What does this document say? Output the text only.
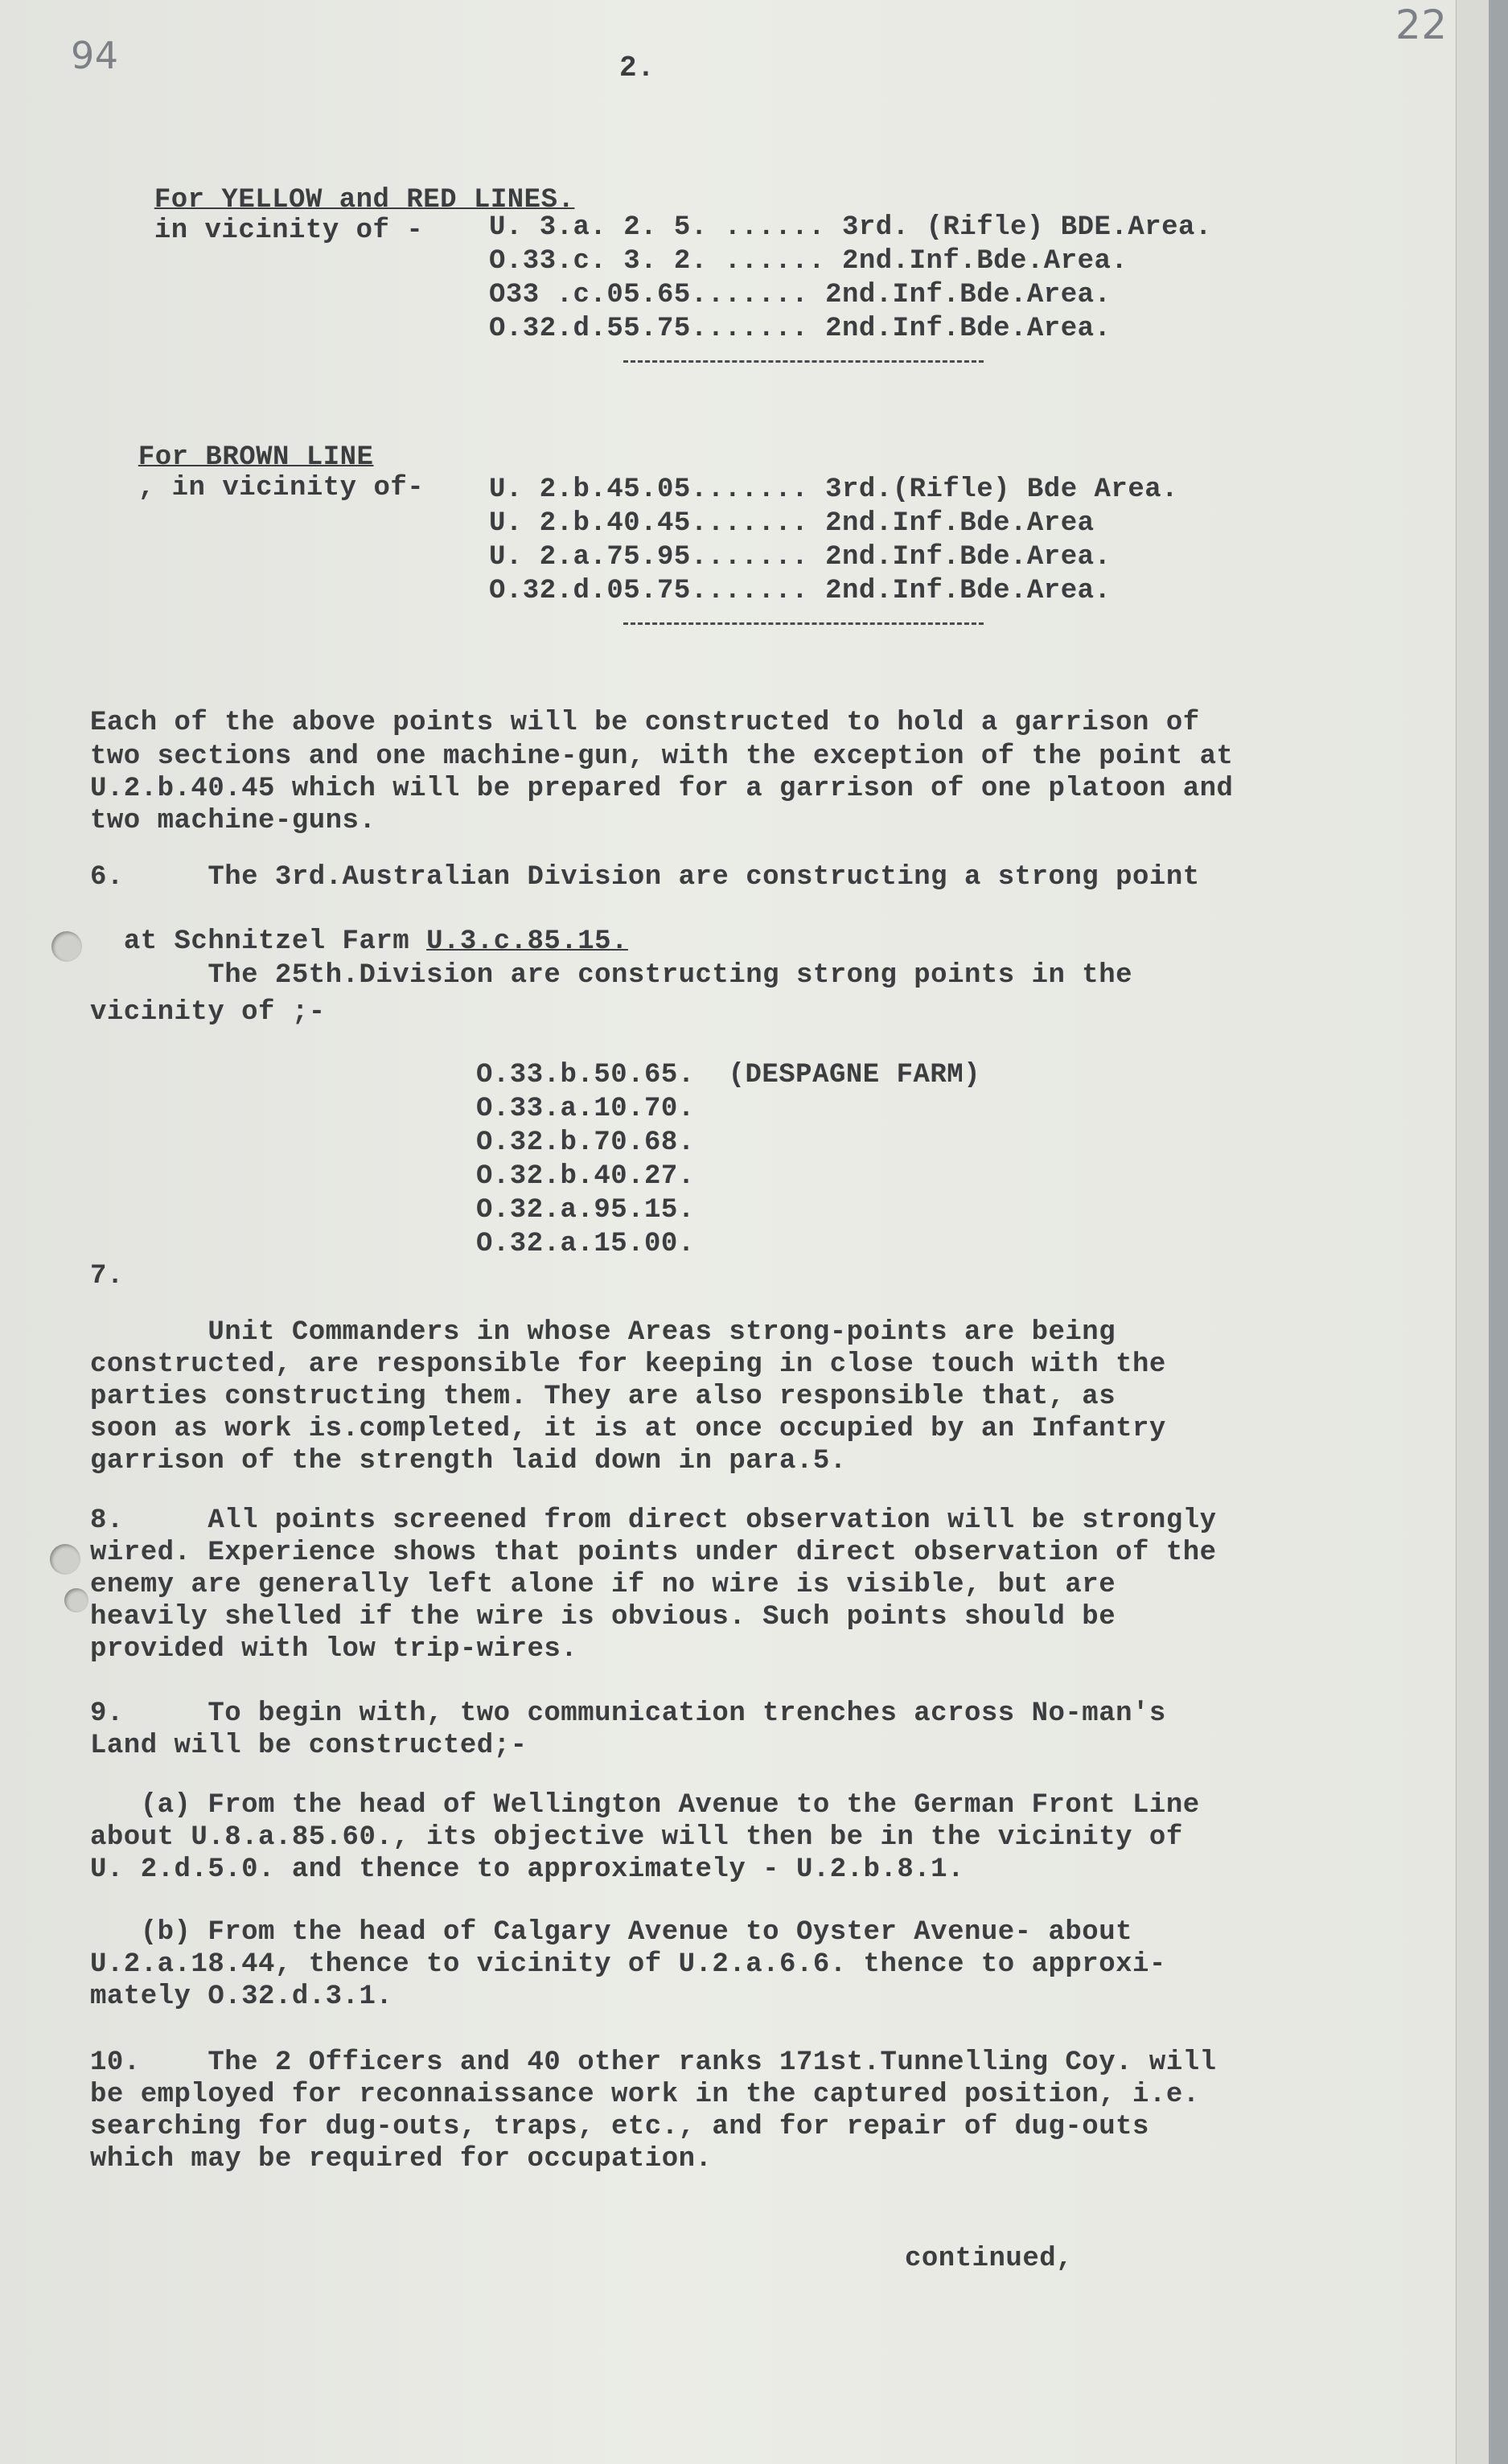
94
22
2.

For YELLOW and RED LINES.
in vicinity of -	U. 3.a. 2. 5. ...... 3rd. (Rifle) BDE.Area.
O.33.c. 3. 2. ...... 2nd.Inf.Bde.Area.
O33 .c.05.65....... 2nd.Inf.Bde.Area.
O.32.d.55.75....... 2nd.Inf.Bde.Area.

For BROWN LINE
, in vicinity of- U. 2.b.45.05....... 3rd.(Rifle) Bde Area.
U. 2.b.40.45....... 2nd.Inf.Bde.Area
U. 2.a.75.95....... 2nd.Inf.Bde.Area.
O.32.d.05.75....... 2nd.Inf.Bde.Area.
Each of the above points will be constructed to hold a garrison of
two sections and one machine-gun, with the exception of the point at
U.2.b.40.45 which will be prepared for a garrison of one platoon and
two machine-guns.
6.     The 3rd.Australian Division are constructing a strong point

at Schnitzel Farm U.3.c.85.15.

The 25th.Division are constructing strong points in the
vicinity of ;-
O.33.b.50.65.  (DESPAGNE FARM)
O.33.a.10.70.
O.32.b.70.68.
O.32.b.40.27.
O.32.a.95.15.
O.32.a.15.00.
7.
Unit Commanders in whose Areas strong-points are being
constructed, are responsible for keeping in close touch with the
parties constructing them. They are also responsible that, as
soon as work is.completed, it is at once occupied by an Infantry
garrison of the strength laid down in para.5.
8.     All points screened from direct observation will be strongly
wired. Experience shows that points under direct observation of the
enemy are generally left alone if no wire is visible, but are
heavily shelled if the wire is obvious. Such points should be
provided with low trip-wires.
9.     To begin with, two communication trenches across No-man's
Land will be constructed;-
(a) From the head of Wellington Avenue to the German Front Line
about U.8.a.85.60., its objective will then be in the vicinity of
U. 2.d.5.0. and thence to approximately - U.2.b.8.1.
(b) From the head of Calgary Avenue to Oyster Avenue- about
U.2.a.18.44, thence to vicinity of U.2.a.6.6. thence to approxi-
mately O.32.d.3.1.
10.    The 2 Officers and 40 other ranks 171st.Tunnelling Coy. will
be employed for reconnaissance work in the captured position, i.e.
searching for dug-outs, traps, etc., and for repair of dug-outs
which may be required for occupation.
continued,
